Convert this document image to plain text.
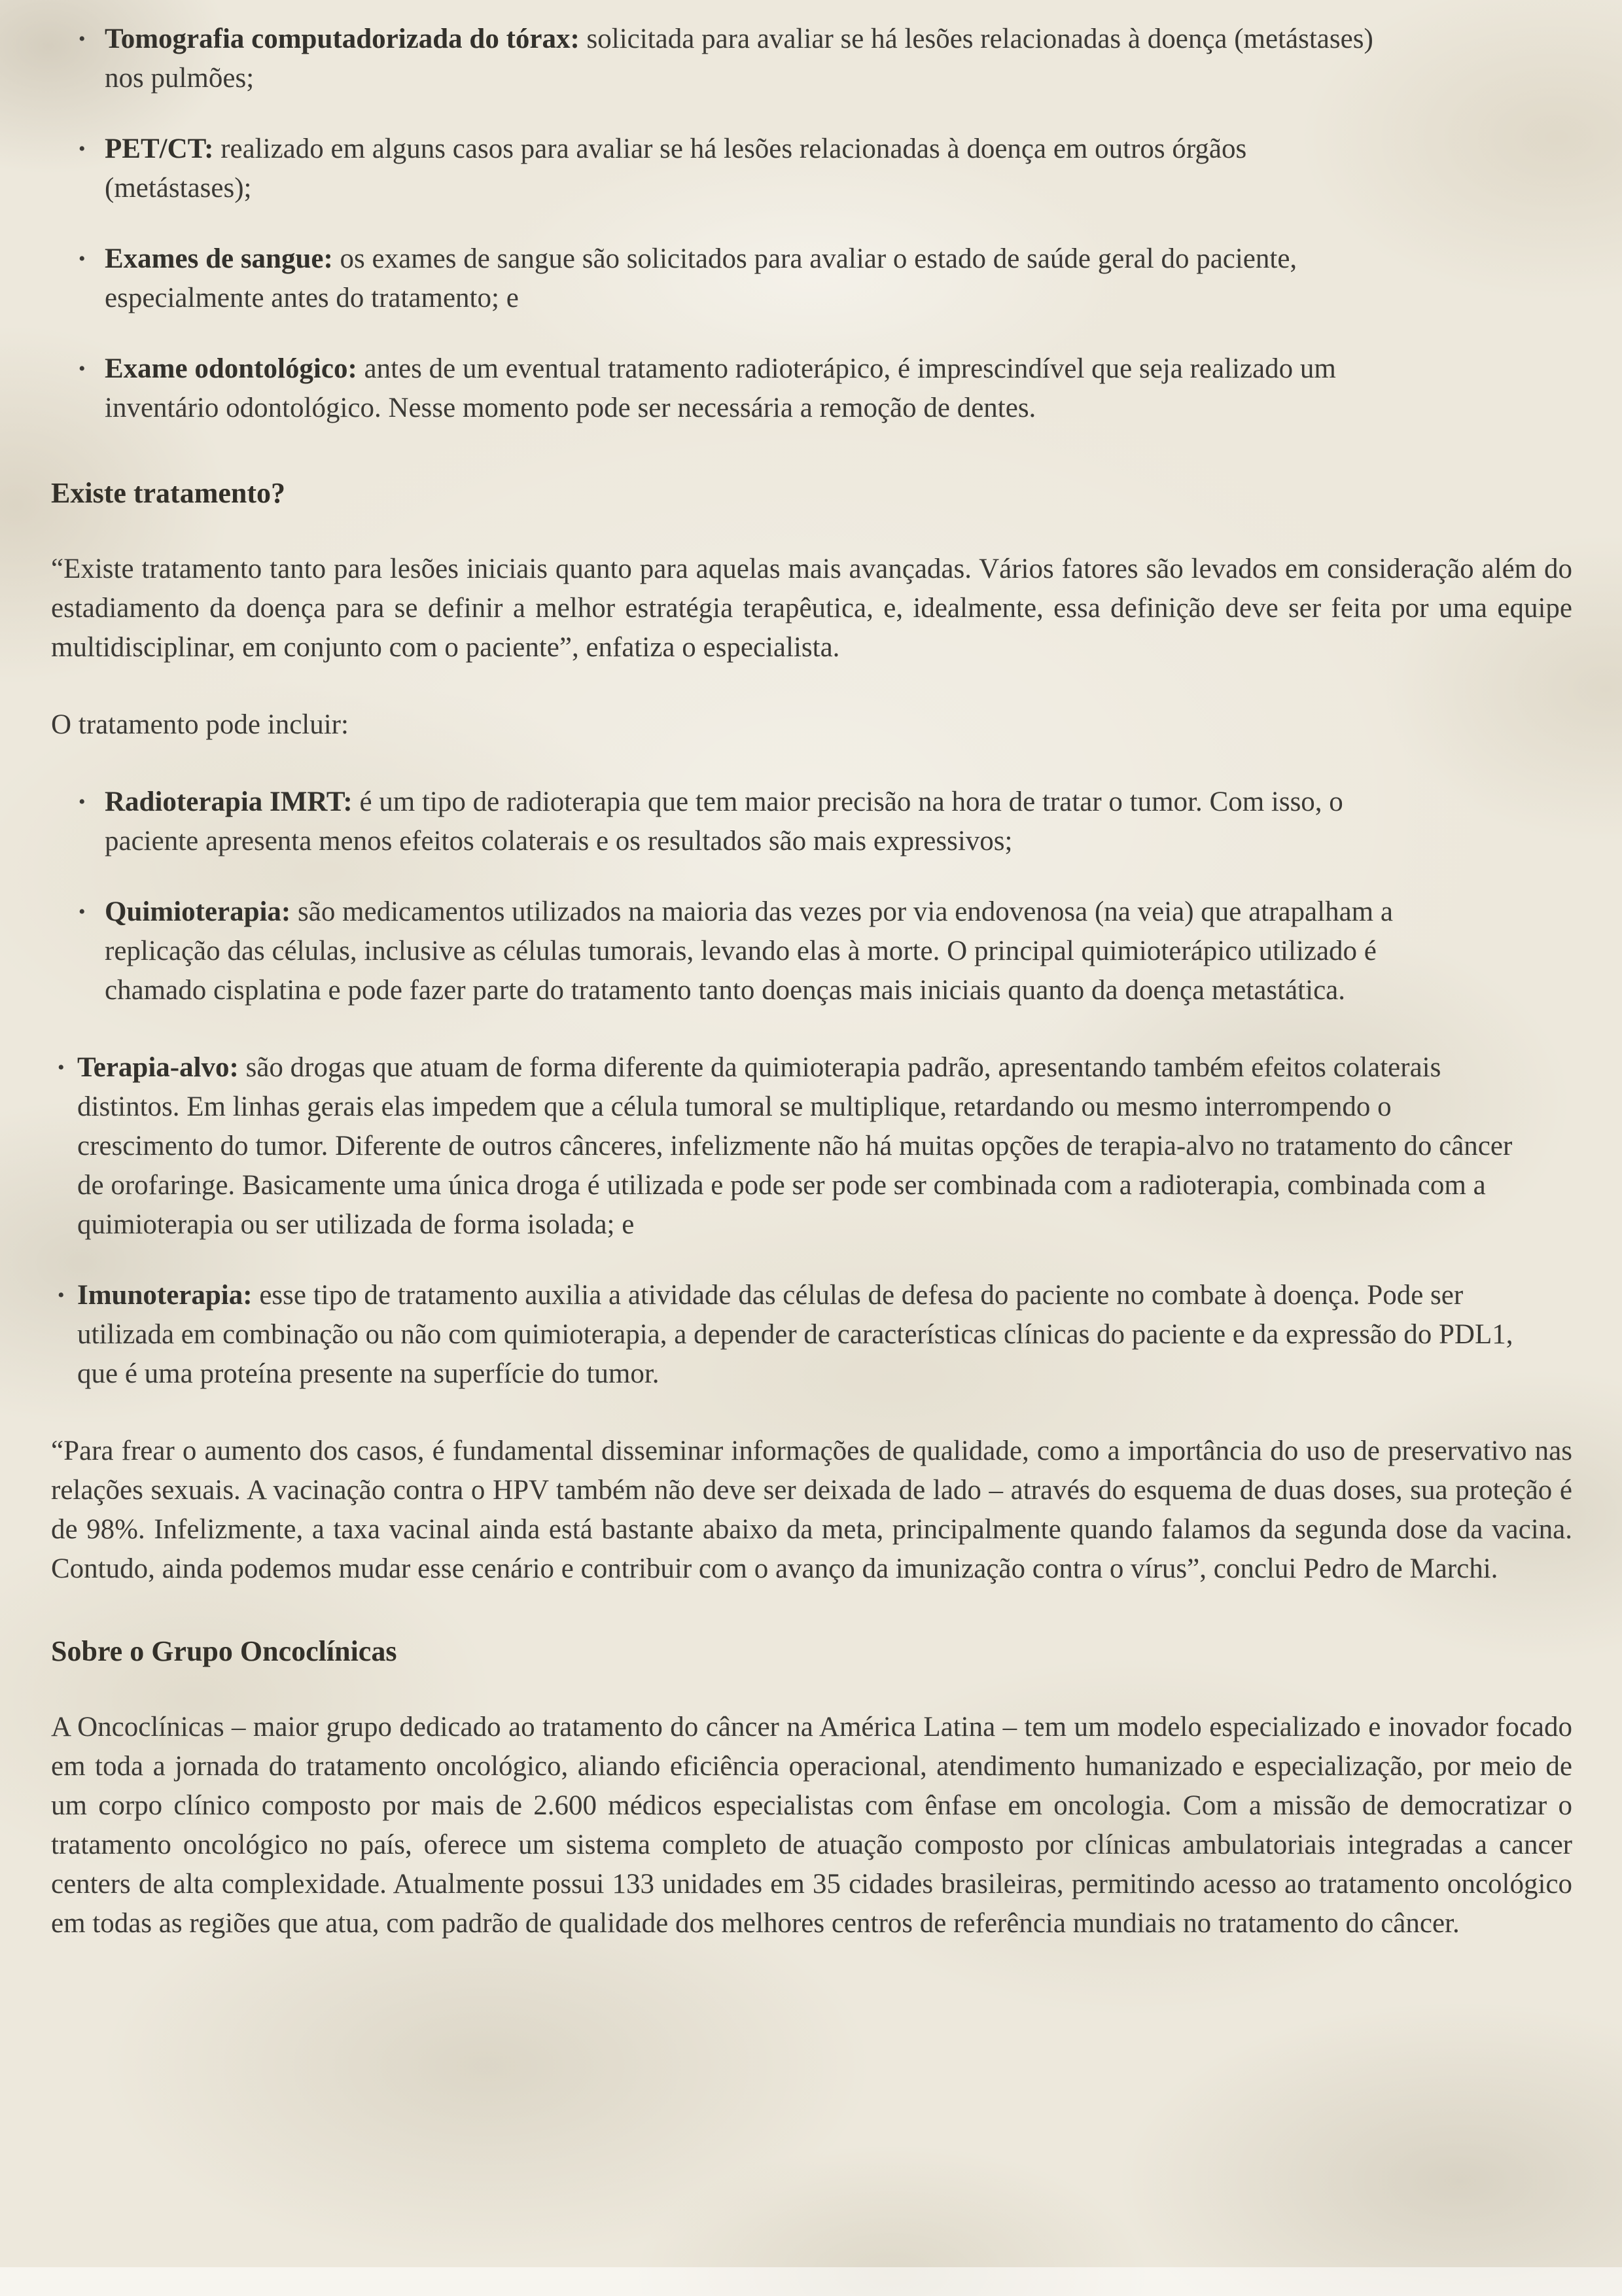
• Tomografia computadorizada do tórax: solicitada para avaliar se há lesões relacionadas à doença (metástases) nos pulmões;
• PET/CT: realizado em alguns casos para avaliar se há lesões relacionadas à doença em outros órgãos (metástases);
• Exames de sangue: os exames de sangue são solicitados para avaliar o estado de saúde geral do paciente, especialmente antes do tratamento; e
• Exame odontológico: antes de um eventual tratamento radioterápico, é imprescindível que seja realizado um inventário odontológico. Nesse momento pode ser necessária a remoção de dentes.
Existe tratamento?

“Existe tratamento tanto para lesões iniciais quanto para aquelas mais avançadas. Vários fatores são levados em consideração além do estadiamento da doença para se definir a melhor estratégia terapêutica, e, idealmente, essa definição deve ser feita por uma equipe multidisciplinar, em conjunto com o paciente”, enfatiza o especialista.

O tratamento pode incluir:

• Radioterapia IMRT: é um tipo de radioterapia que tem maior precisão na hora de tratar o tumor. Com isso, o paciente apresenta menos efeitos colaterais e os resultados são mais expressivos;
• Quimioterapia: são medicamentos utilizados na maioria das vezes por via endovenosa (na veia) que atrapalham a replicação das células, inclusive as células tumorais, levando elas à morte. O principal quimioterápico utilizado é chamado cisplatina e pode fazer parte do tratamento tanto doenças mais iniciais quanto da doença metastática.
• Terapia-alvo: são drogas que atuam de forma diferente da quimioterapia padrão, apresentando também efeitos colaterais distintos. Em linhas gerais elas impedem que a célula tumoral se multiplique, retardando ou mesmo interrompendo o crescimento do tumor. Diferente de outros cânceres, infelizmente não há muitas opções de terapia-alvo no tratamento do câncer de orofaringe. Basicamente uma única droga é utilizada e pode ser pode ser combinada com a radioterapia, combinada com a quimioterapia ou ser utilizada de forma isolada; e
• Imunoterapia: esse tipo de tratamento auxilia a atividade das células de defesa do paciente no combate à doença. Pode ser utilizada em combinação ou não com quimioterapia, a depender de características clínicas do paciente e da expressão do PDL1, que é uma proteína presente na superfície do tumor.

“Para frear o aumento dos casos, é fundamental disseminar informações de qualidade, como a importância do uso de preservativo nas relações sexuais. A vacinação contra o HPV também não deve ser deixada de lado – através do esquema de duas doses, sua proteção é de 98%. Infelizmente, a taxa vacinal ainda está bastante abaixo da meta, principalmente quando falamos da segunda dose da vacina. Contudo, ainda podemos mudar esse cenário e contribuir com o avanço da imunização contra o vírus”, conclui Pedro de Marchi.

Sobre o Grupo Oncoclínicas

A Oncoclínicas – maior grupo dedicado ao tratamento do câncer na América Latina – tem um modelo especializado e inovador focado em toda a jornada do tratamento oncológico, aliando eficiência operacional, atendimento humanizado e especialização, por meio de um corpo clínico composto por mais de 2.600 médicos especialistas com ênfase em oncologia. Com a missão de democratizar o tratamento oncológico no país, oferece um sistema completo de atuação composto por clínicas ambulatoriais integradas a cancer centers de alta complexidade. Atualmente possui 133 unidades em 35 cidades brasileiras, permitindo acesso ao tratamento oncológico em todas as regiões que atua, com padrão de qualidade dos melhores centros de referência mundiais no tratamento do câncer.
